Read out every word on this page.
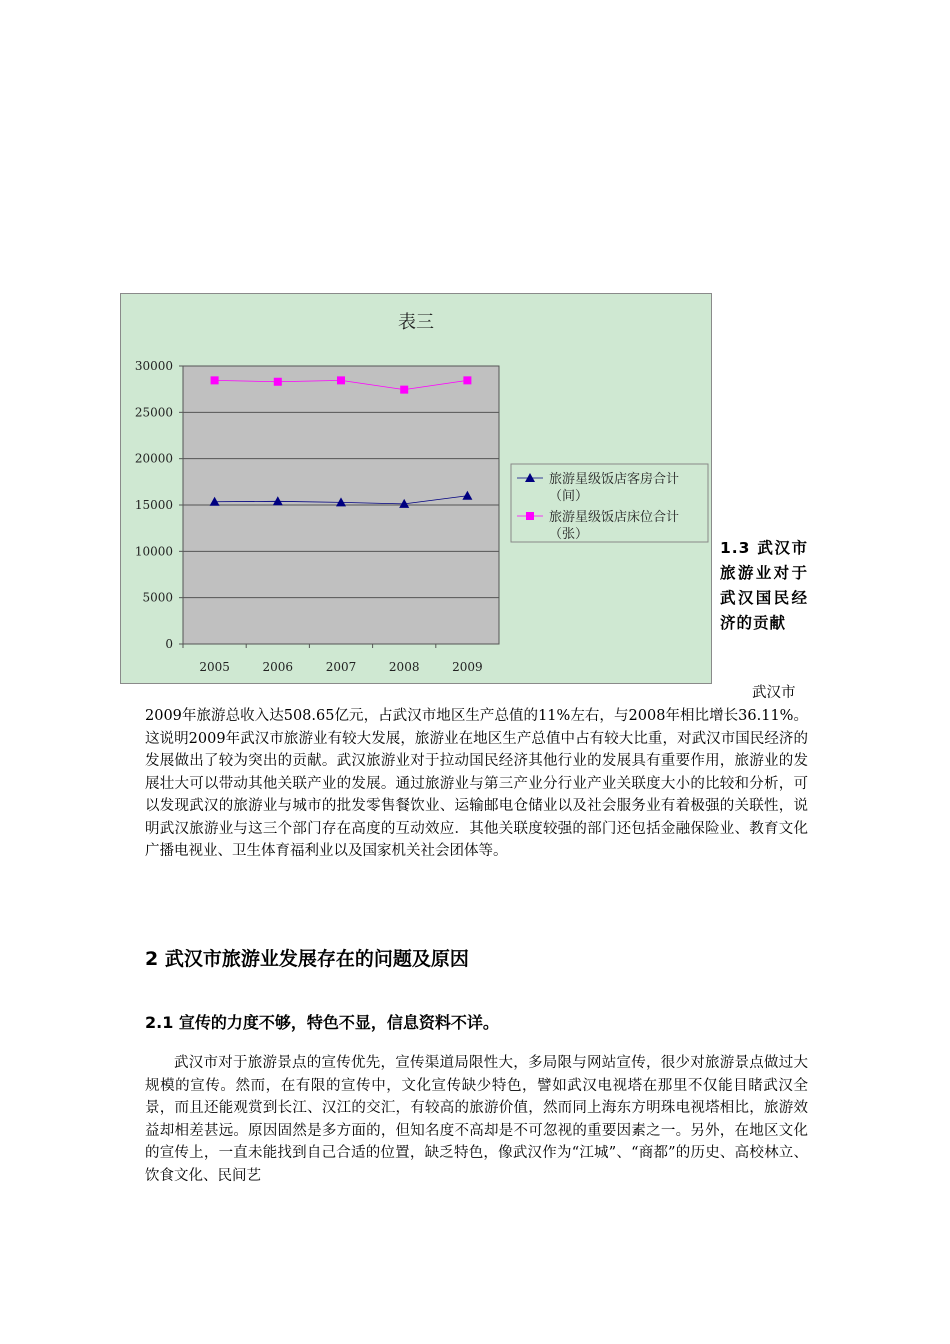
表三
0
5000
10000
15000
20000
25000
30000
2005	2006	2007	2008	2009
旅游星级饭店客房合计
（间）
旅游星级饭店床位合计
（张）
1.3 武汉市旅游业对于武汉国民经济的贡献
武汉市
2009年旅游总收入达508.65亿元，占武汉市地区生产总值的11%左右，与2008年相比增长36.11%。这说明2009年武汉市旅游业有较大发展，旅游业在地区生产总值中占有较大比重，对武汉市国民经济的发展做出了较为突出的贡献。武汉旅游业对于拉动国民经济其他行业的发展具有重要作用，旅游业的发展壮大可以带动其他关联产业的发展。通过旅游业与第三产业分行业产业关联度大小的比较和分析，可以发现武汉的旅游业与城市的批发零售餐饮业、运输邮电仓储业以及社会服务业有着极强的关联性，说明武汉旅游业与这三个部门存在高度的互动效应．其他关联度较强的部门还包括金融保险业、教育文化广播电视业、卫生体育福利业以及国家机关社会团体等。
2 武汉市旅游业发展存在的问题及原因
2.1 宣传的力度不够，特色不显，信息资料不详。
武汉市对于旅游景点的宣传优先，宣传渠道局限性大，多局限与网站宣传，很少对旅游景点做过大规模的宣传。然而，在有限的宣传中，文化宣传缺少特色，譬如武汉电视塔在那里不仅能目睹武汉全景，而且还能观赏到长江、汉江的交汇，有较高的旅游价值，然而同上海东方明珠电视塔相比，旅游效益却相差甚远。原因固然是多方面的，但知名度不高却是不可忽视的重要因素之一。另外，在地区文化的宣传上，一直未能找到自己合适的位置，缺乏特色，像武汉作为“江城”、“商都”的历史、高校林立、饮食文化、民间艺
